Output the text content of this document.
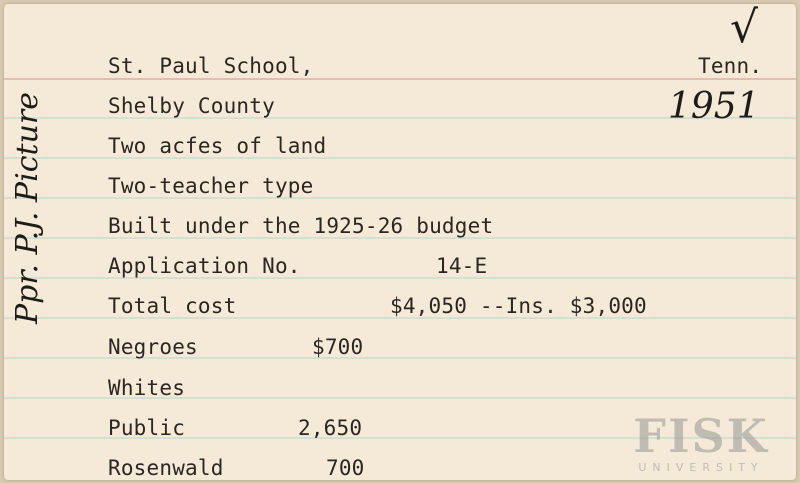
St. Paul School,
Shelby County
Two acfes of land
Two-teacher type
Built under the 1925-26 budget
Application No.
Total cost
Negroes
Whites
Public
Rosenwald
Tenn.
14-E
$4,050 --Ins. $3,000
$700
2,650
700
√
1951
Ppr. P.J. Picture
FISK
UNIVERSITY
